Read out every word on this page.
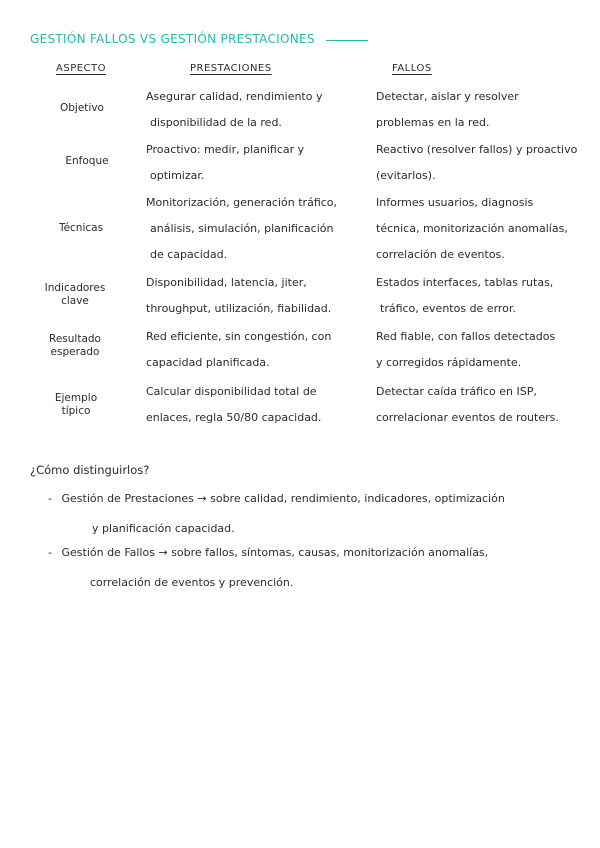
GESTIÓN FALLOS VS GESTIÓN PRESTACIONES
ASPECTO	PRESTACIONES	FALLOS
Objetivo
Asegurar calidad, rendimiento y
disponibilidad de la red.
Detectar, aislar y resolver
problemas en la red.
Enfoque
Proactivo: medir, planificar y
optimizar.
Reactivo (resolver fallos) y proactivo
(evitarlos).
Técnicas
Monitorización, generación tráfico,
análisis, simulación, planificación
de capacidad.
Informes usuarios, diagnosis
técnica, monitorización anomalías,
correlación de eventos.
Indicadores
clave
Disponibilidad, latencia, jiter,
throughput, utilización, fiabilidad.
Estados interfaces, tablas rutas,
tráfico, eventos de error.
Resultado
esperado
Red eficiente, sin congestión, con
capacidad planificada.
Red fiable, con fallos detectados
y corregidos rápidamente.
Ejemplo
típico
Calcular disponibilidad total de
enlaces, regla 50/80 capacidad.
Detectar caída tráfico en ISP,
correlacionar eventos de routers.
¿Cómo distinguirlos?
- Gestión de Prestaciones → sobre calidad, rendimiento, indicadores, optimización
y planificación capacidad.
- Gestión de Fallos → sobre fallos, síntomas, causas, monitorización anomalías,
correlación de eventos y prevención.
